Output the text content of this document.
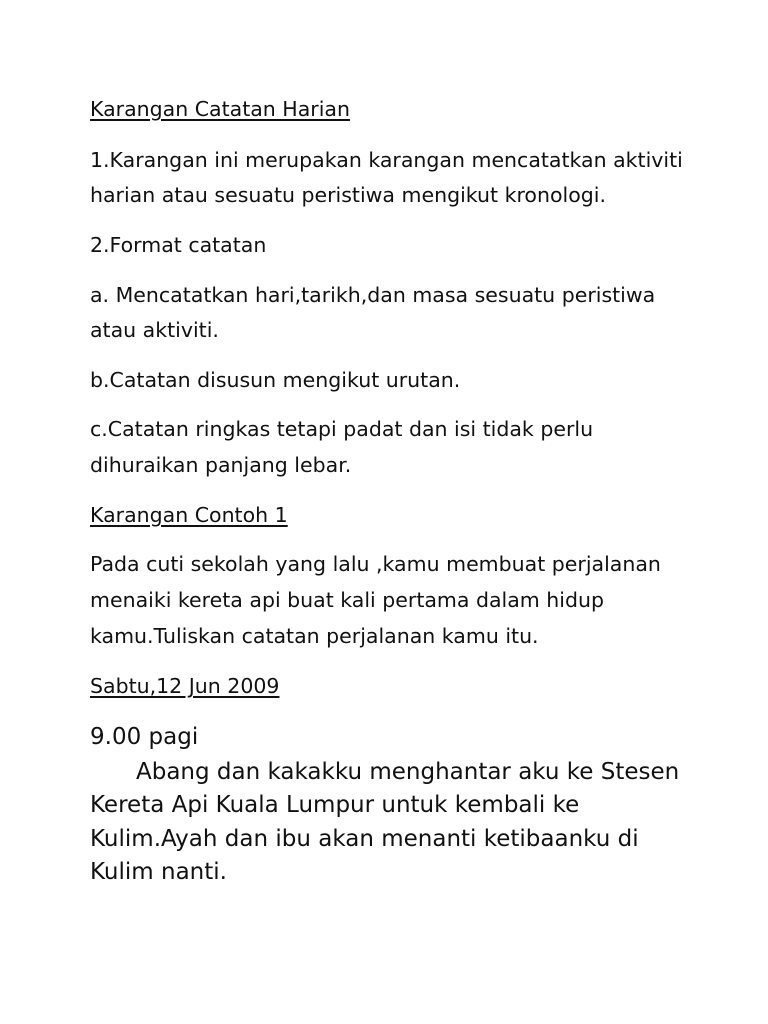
Karangan Catatan Harian
1.Karangan ini merupakan karangan mencatatkan aktiviti
harian atau sesuatu peristiwa mengikut kronologi.
2.Format catatan
a. Mencatatkan hari,tarikh,dan masa sesuatu peristiwa
atau aktiviti.
b.Catatan disusun mengikut urutan.
c.Catatan ringkas tetapi padat dan isi tidak perlu
dihuraikan panjang lebar.
Karangan Contoh 1
Pada cuti sekolah yang lalu ,kamu membuat perjalanan
menaiki kereta api buat kali pertama dalam hidup
kamu.Tuliskan catatan perjalanan kamu itu.
Sabtu,12 Jun 2009
9.00 pagi
Abang dan kakakku menghantar aku ke Stesen
Kereta Api Kuala Lumpur untuk kembali ke
Kulim.Ayah dan ibu akan menanti ketibaanku di
Kulim nanti.
